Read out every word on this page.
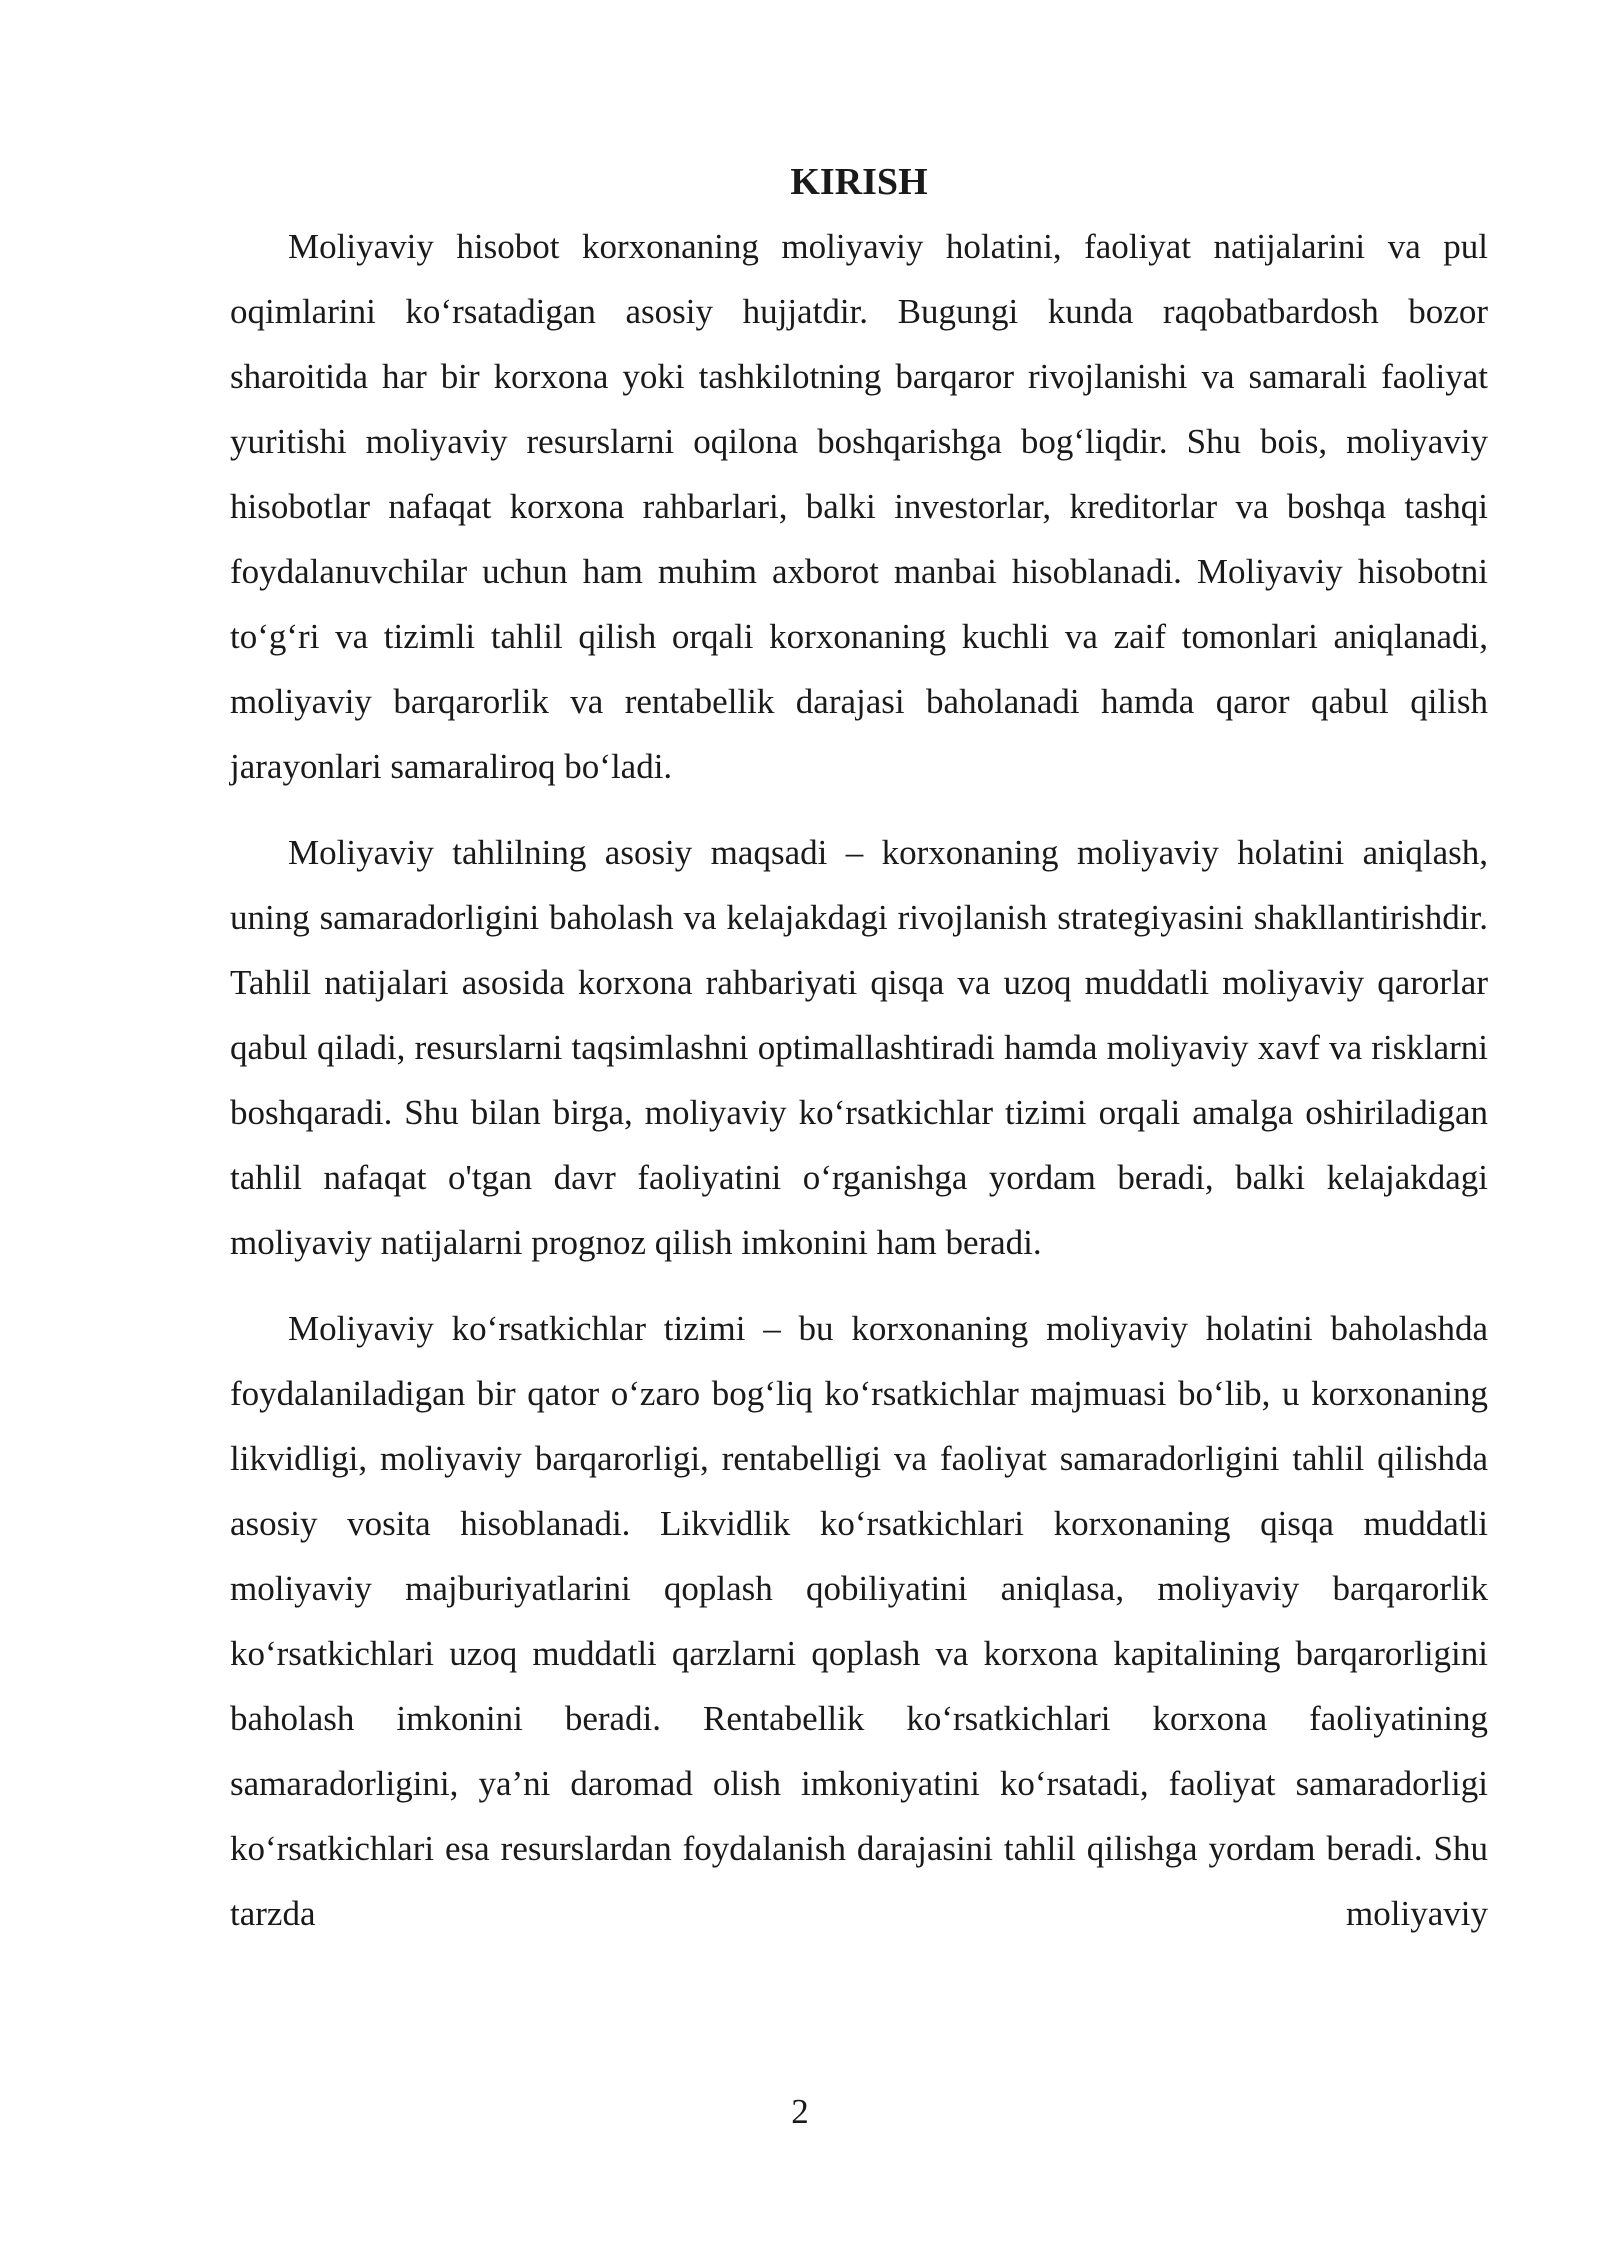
KIRISH

Moliyaviy hisobot korxonaning moliyaviy holatini, faoliyat natijalarini va pul oqimlarini ko‘rsatadigan asosiy hujjatdir. Bugungi kunda raqobatbardosh bozor sharoitida har bir korxona yoki tashkilotning barqaror rivojlanishi va samarali faoliyat yuritishi moliyaviy resurslarni oqilona boshqarishga bog‘liqdir. Shu bois, moliyaviy hisobotlar nafaqat korxona rahbarlari, balki investorlar, kreditorlar va boshqa tashqi foydalanuvchilar uchun ham muhim axborot manbai hisoblanadi. Moliyaviy hisobotni to‘g‘ri va tizimli tahlil qilish orqali korxonaning kuchli va zaif tomonlari aniqlanadi, moliyaviy barqarorlik va rentabellik darajasi baholanadi hamda qaror qabul qilish jarayonlari samaraliroq bo‘ladi.

Moliyaviy tahlilning asosiy maqsadi – korxonaning moliyaviy holatini aniqlash, uning samaradorligini baholash va kelajakdagi rivojlanish strategiyasini shakllantirishdir. Tahlil natijalari asosida korxona rahbariyati qisqa va uzoq muddatli moliyaviy qarorlar qabul qiladi, resurslarni taqsimlashni optimallashtiradi hamda moliyaviy xavf va risklarni boshqaradi. Shu bilan birga, moliyaviy ko‘rsatkichlar tizimi orqali amalga oshiriladigan tahlil nafaqat o'tgan davr faoliyatini o‘rganishga yordam beradi, balki kelajakdagi moliyaviy natijalarni prognoz qilish imkonini ham beradi.

Moliyaviy ko‘rsatkichlar tizimi – bu korxonaning moliyaviy holatini baholashda foydalaniladigan bir qator o‘zaro bog‘liq ko‘rsatkichlar majmuasi bo‘lib, u korxonaning likvidligi, moliyaviy barqarorligi, rentabelligi va faoliyat samaradorligini tahlil qilishda asosiy vosita hisoblanadi. Likvidlik ko‘rsatkichlari korxonaning qisqa muddatli moliyaviy majburiyatlarini qoplash qobiliyatini aniqlasa, moliyaviy barqarorlik ko‘rsatkichlari uzoq muddatli qarzlarni qoplash va korxona kapitalining barqarorligini baholash imkonini beradi. Rentabellik ko‘rsatkichlari korxona faoliyatining samaradorligini, ya’ni daromad olish imkoniyatini ko‘rsatadi, faoliyat samaradorligi ko‘rsatkichlari esa resurslardan foydalanish darajasini tahlil qilishga yordam beradi. Shu tarzda moliyaviy

2
